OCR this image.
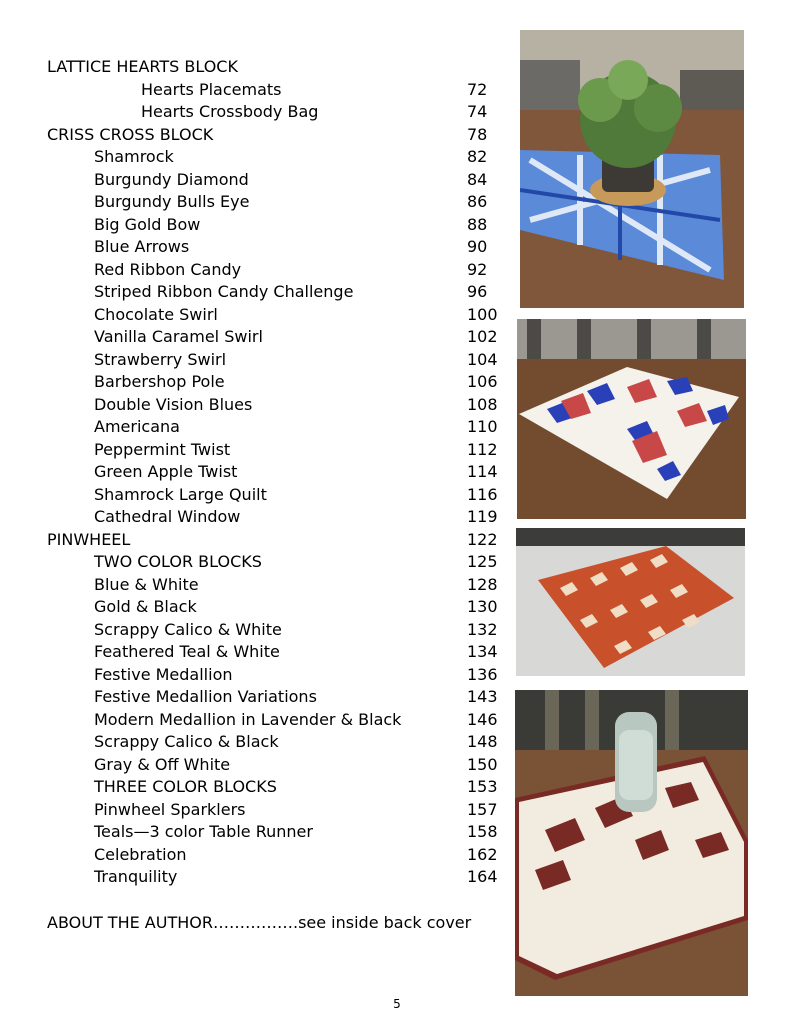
LATTICE HEARTS BLOCK
Hearts Placemats	72
Hearts Crossbody Bag	74
CRISS CROSS BLOCK	78
Shamrock	82
Burgundy Diamond	84
Burgundy Bulls Eye	86
Big Gold Bow	88
Blue Arrows	90
Red Ribbon Candy	92
Striped Ribbon Candy Challenge	96
Chocolate Swirl	100
Vanilla Caramel Swirl	102
Strawberry Swirl	104
Barbershop Pole	106
Double Vision Blues	108
Americana	110
Peppermint Twist	112
Green Apple Twist	114
Shamrock Large Quilt	116
Cathedral Window	119
PINWHEEL	122
TWO COLOR BLOCKS	125
Blue & White	128
Gold & Black	130
Scrappy Calico & White	132
Feathered Teal & White	134
Festive Medallion	136
Festive Medallion Variations	143
Modern Medallion in Lavender & Black	146
Scrappy Calico & Black	148
Gray & Off White	150
THREE COLOR BLOCKS	153
Pinwheel Sparklers	157
Teals—3 color Table Runner	158
Celebration	162
Tranquility	164
ABOUT THE AUTHOR…………….see inside back cover
5
